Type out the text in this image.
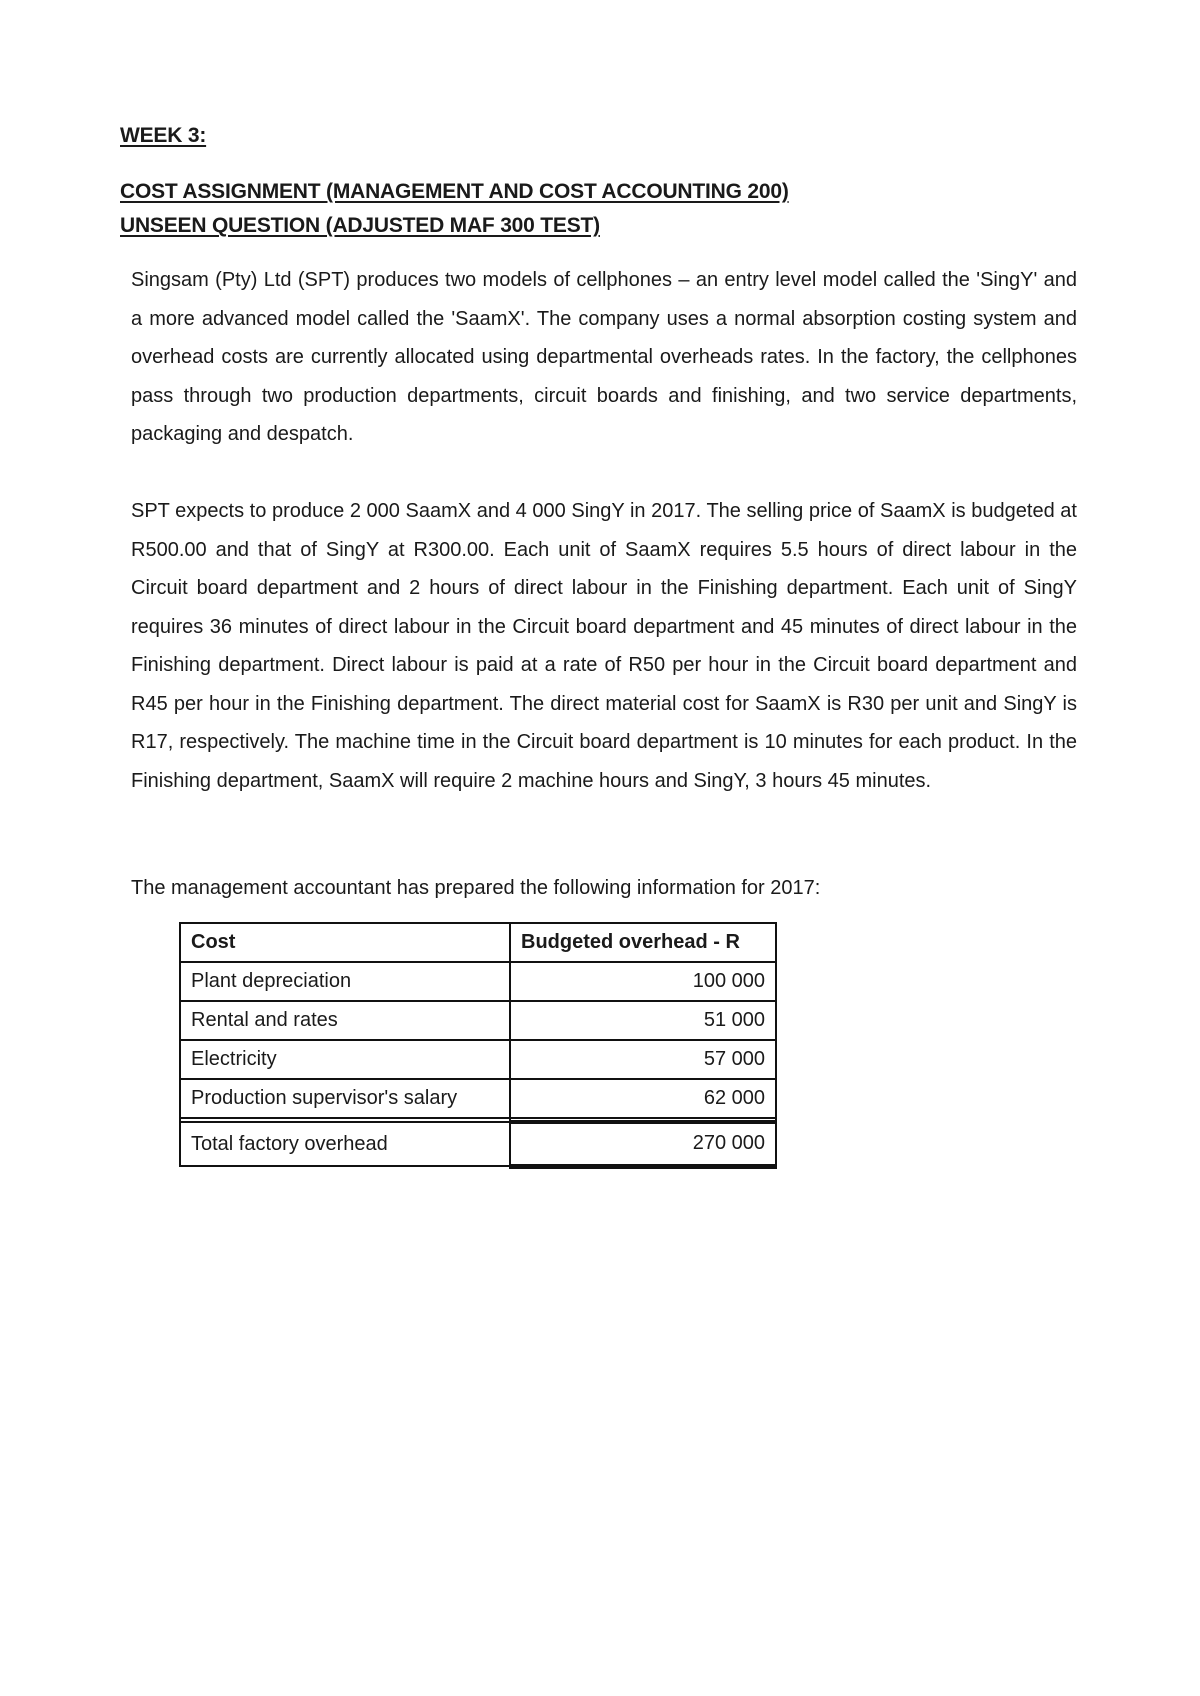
WEEK 3:
COST ASSIGNMENT (MANAGEMENT AND COST ACCOUNTING 200)
UNSEEN QUESTION (ADJUSTED MAF 300 TEST)

Singsam (Pty) Ltd (SPT) produces two models of cellphones – an entry level model called the 'SingY' and a more advanced model called the 'SaamX'. The company uses a normal absorption costing system and overhead costs are currently allocated using departmental overheads rates. In the factory, the cellphones pass through two production departments, circuit boards and finishing, and two service departments, packaging and despatch.

SPT expects to produce 2 000 SaamX and 4 000 SingY in 2017. The selling price of SaamX is budgeted at R500.00 and that of SingY at R300.00. Each unit of SaamX requires 5.5 hours of direct labour in the Circuit board department and 2 hours of direct labour in the Finishing department. Each unit of SingY requires 36 minutes of direct labour in the Circuit board department and 45 minutes of direct labour in the Finishing department. Direct labour is paid at a rate of R50 per hour in the Circuit board department and R45 per hour in the Finishing department. The direct material cost for SaamX is R30 per unit and SingY is R17, respectively. The machine time in the Circuit board department is 10 minutes for each product. In the Finishing department, SaamX will require 2 machine hours and SingY, 3 hours 45 minutes.

The management accountant has prepared the following information for 2017:

Cost	Budgeted overhead - R
Plant depreciation	100 000
Rental and rates	51 000
Electricity	57 000
Production supervisor's salary	62 000

Total factory overhead	270 000
